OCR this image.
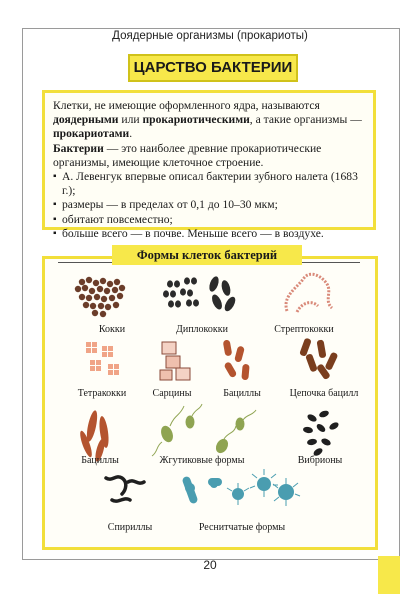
Доядерные организмы (прокариоты)
ЦАРСТВО БАКТЕРИИ

Клетки, не имеющие оформленного ядра, называются доядерными или прокариотическими, а такие организмы — прокариотами.

Бактерии — это наиболее древние прокариотические организмы, имеющие клеточное строение.

▪ А. Левенгук впервые описал бактерии зубного налета (1683 г.);
▪ размеры — в пределах от 0,1 до 10–30 мкм;
▪ обитают повсеместно;
▪ больше всего — в почве. Меньше всего — в воздухе.
Формы клеток бактерий
Кокки	Диплококки	Стрептококки
Тетракокки	Сарцины	Бациллы	Цепочка бацилл
Бациллы	Жгутиковые формы	Вибрионы
Спириллы	Реснитчатые формы
20
